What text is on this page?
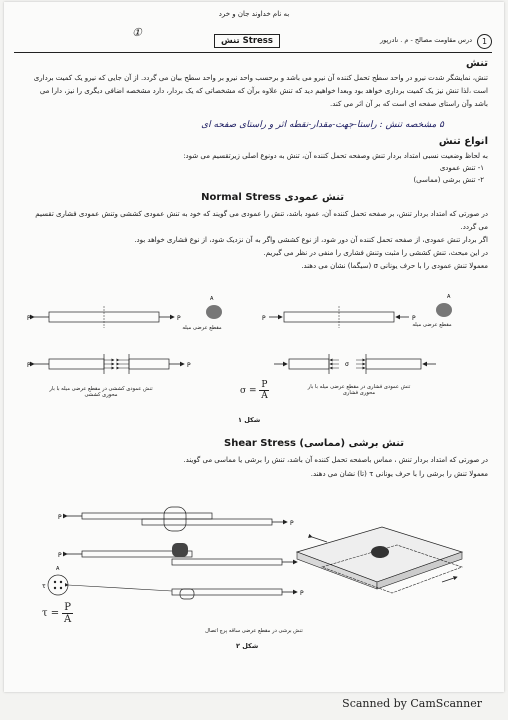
به نام خداوند جان و خرد
1
درس مقاومت مصالح - م . نادرپور
تنش Stress
①
تنش
تنش، نمایشگر شدت نیرو در واحد سطح تحمل کننده آن نیرو می باشد و برحسب واحد نیرو بر واحد سطح بیان می گردد. از آن جایی که نیرو یک کمیت برداری است ،لذا تنش نیز یک کمیت برداری خواهد بود وبعدا خواهیم دید که تنش علاوه برآن که مشخصاتی که یک بردار، دارد مشخصه اضافی دیگری را نیز، دارا می باشد وآن راستای صفحه ای است که بر آن اثر می کند.
۵ مشخصه تنش : راستا-جهت-مقدار-نقطه اثر و راستای صفحه ای
انواع تنش
به لحاظ وضعیت نسبی امتداد بردار تنش وصفحه تحمل کننده آن، تنش به دونوع اصلی زیرتقسیم می شود:
۱- تنش عمودی
۲- تنش برشی (مماسی)
تنش عمودی Normal Stress
در صورتی که امتداد بردار تنش، بر صفحه تحمل کننده آن، عمود باشد، تنش را عمودی می گویند که خود به تنش عمودی کششی وتنش عمودی فشاری تقسیم می گردد.
اگر بردار تنش عمودی، از صفحه تحمل کننده آن دور شود، از نوع کششی واگر به آن نزدیک شود، از نوع فشاری خواهد بود.
در این مبحث، تنش کششی را مثبت وتنش فشاری را منفی در نظر می گیریم.
معمولا تنش عمودی را با حرف یونانی σ (سیگما) نشان می دهند.
P	P
A
P	P
P	P
A
σ
مقطع عرضی میله	مقطع عرضی میله
تنش عمودی کششی در مقطع عرضی میله با بار محوری کششی
تنش عمودی فشاری در مقطع عرضی میله با بار محوری فشاری
$\sigma = \frac{P}{A}$
شکل ۱
تنش برشی (مماسی) Shear Stress
در صورتی که امتداد بردار تنش ، مماس باصفحه تحمل کننده آن باشد، تنش را برشی یا مماسی می گویند.
معمولا تنش را برشی را با حرف یونانی τ (تا) نشان می دهند.
P
P
P
τ
A
P
$\tau = \frac{P}{A}$
تنش برشی در مقطع عرضی ساقه پرچ اتصال
شکل ۲
Scanned by CamScanner
